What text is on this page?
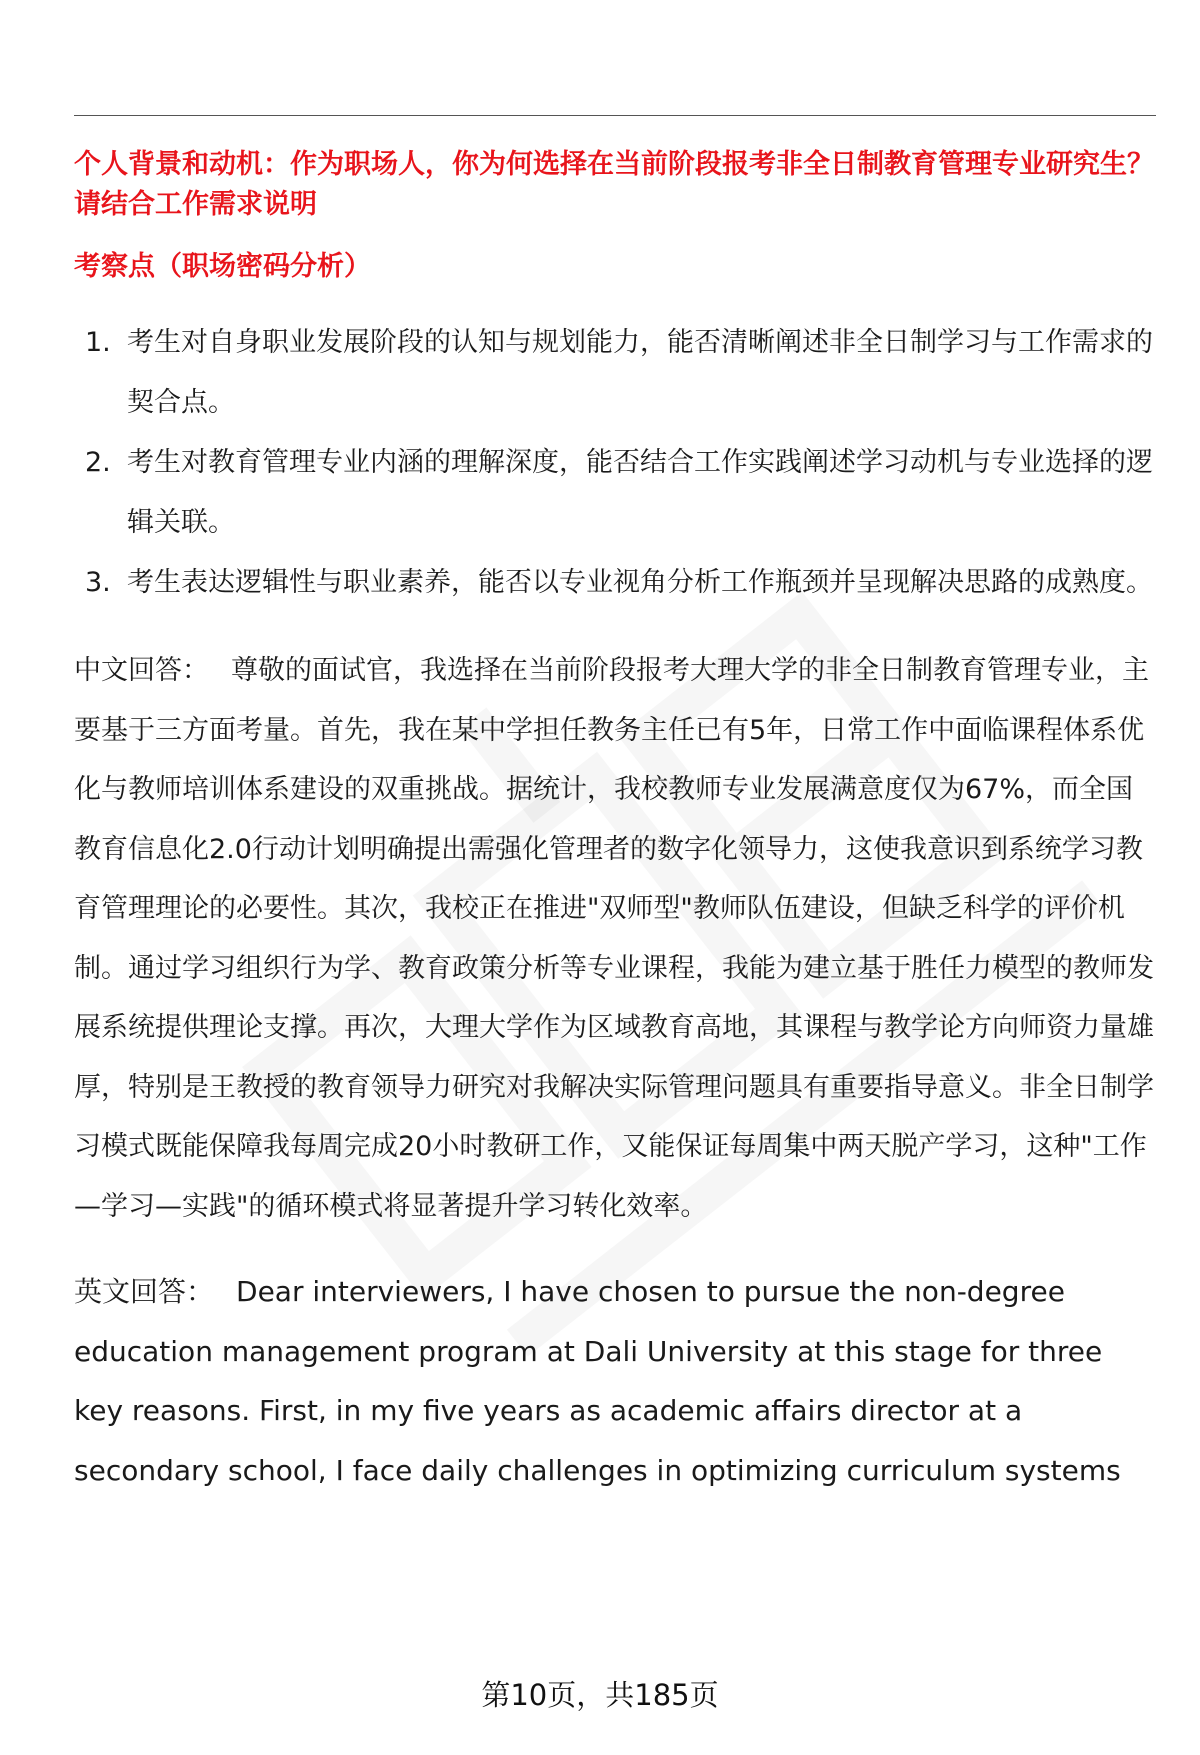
个人背景和动机：作为职场人，你为何选择在当前阶段报考非全日制教育管理专业研究生？请结合工作需求说明

考察点（职场密码分析）

1. 考生对自身职业发展阶段的认知与规划能力，能否清晰阐述非全日制学习与工作需求的契合点。
2. 考生对教育管理专业内涵的理解深度，能否结合工作实践阐述学习动机与专业选择的逻辑关联。
3. 考生表达逻辑性与职业素养，能否以专业视角分析工作瓶颈并呈现解决思路的成熟度。

中文回答： 尊敬的面试官，我选择在当前阶段报考大理大学的非全日制教育管理专业，主要基于三方面考量。首先，我在某中学担任教务主任已有5年，日常工作中面临课程体系优化与教师培训体系建设的双重挑战。据统计，我校教师专业发展满意度仅为67%，而全国教育信息化2.0行动计划明确提出需强化管理者的数字化领导力，这使我意识到系统学习教育管理理论的必要性。其次，我校正在推进"双师型"教师队伍建设，但缺乏科学的评价机制。通过学习组织行为学、教育政策分析等专业课程，我能为建立基于胜任力模型的教师发展系统提供理论支撑。再次，大理大学作为区域教育高地，其课程与教学论方向师资力量雄厚，特别是王教授的教育领导力研究对我解决实际管理问题具有重要指导意义。非全日制学习模式既能保障我每周完成20小时教研工作，又能保证每周集中两天脱产学习，这种"工作—学习—实践"的循环模式将显著提升学习转化效率。

英文回答： Dear interviewers, I have chosen to pursue the non-degree education management program at Dali University at this stage for three key reasons. First, in my five years as academic affairs director at a secondary school, I face daily challenges in optimizing curriculum systems

第10页，共185页
